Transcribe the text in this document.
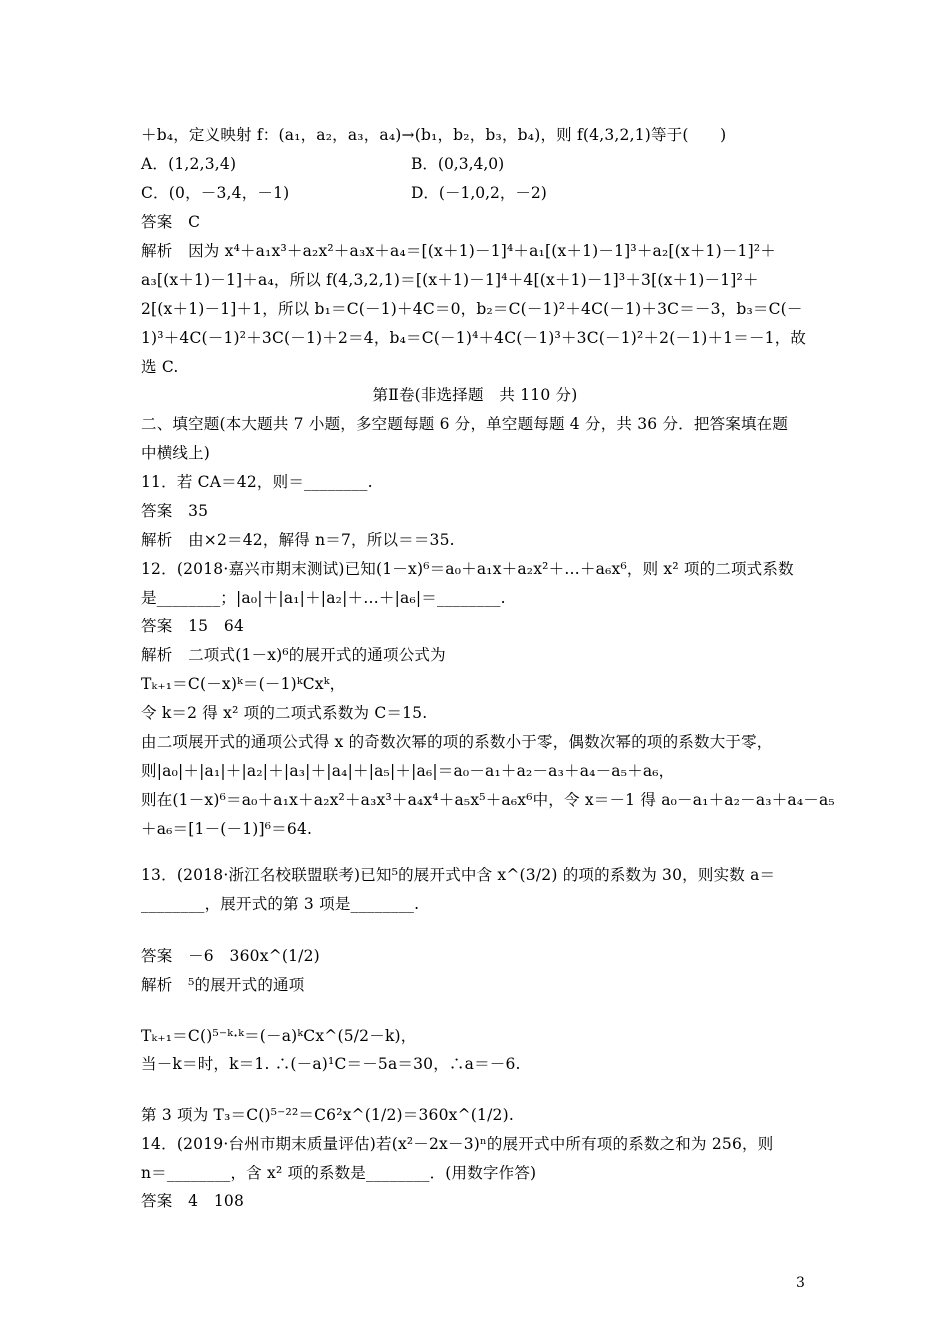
＋b₄，定义映射 f：(a₁，a₂，a₃，a₄)→(b₁，b₂，b₃，b₄)，则 f(4,3,2,1)等于(　　)
A．(1,2,3,4)	B．(0,3,4,0)
C．(0，－3,4，－1)	D．(－1,0,2，－2)
答案　C
解析　因为 x⁴＋a₁x³＋a₂x²＋a₃x＋a₄＝[(x＋1)－1]⁴＋a₁[(x＋1)－1]³＋a₂[(x＋1)－1]²＋
a₃[(x＋1)－1]＋a₄，所以 f(4,3,2,1)＝[(x＋1)－1]⁴＋4[(x＋1)－1]³＋3[(x＋1)－1]²＋
2[(x＋1)－1]＋1，所以 b₁＝C(－1)＋4C＝0，b₂＝C(－1)²＋4C(－1)＋3C＝－3，b₃＝C(－
1)³＋4C(－1)²＋3C(－1)＋2＝4，b₄＝C(－1)⁴＋4C(－1)³＋3C(－1)²＋2(－1)＋1＝－1，故
选 C.
第Ⅱ卷(非选择题　共 110 分)
二、填空题(本大题共 7 小题，多空题每题 6 分，单空题每题 4 分，共 36 分．把答案填在题
中横线上)
11．若 CA＝42，则＝________.
答案　35
解析　由×2＝42，解得 n＝7，所以＝＝35.
12．(2018·嘉兴市期末测试)已知(1－x)⁶＝a₀＋a₁x＋a₂x²＋…＋a₆x⁶，则 x² 项的二项式系数
是________；|a₀|＋|a₁|＋|a₂|＋…＋|a₆|＝________.
答案　15　64
解析　二项式(1－x)⁶的展开式的通项公式为
Tₖ₊₁＝C(－x)ᵏ＝(－1)ᵏCxᵏ，
令 k＝2 得 x² 项的二项式系数为 C＝15.
由二项展开式的通项公式得 x 的奇数次幂的项的系数小于零，偶数次幂的项的系数大于零，
则|a₀|＋|a₁|＋|a₂|＋|a₃|＋|a₄|＋|a₅|＋|a₆|＝a₀－a₁＋a₂－a₃＋a₄－a₅＋a₆，
则在(1－x)⁶＝a₀＋a₁x＋a₂x²＋a₃x³＋a₄x⁴＋a₅x⁵＋a₆x⁶中，令 x＝－1 得 a₀－a₁＋a₂－a₃＋a₄－a₅
＋a₆＝[1－(－1)]⁶＝64.
13．(2018·浙江名校联盟联考)已知⁵的展开式中含 x^(3/2) 的项的系数为 30，则实数 a＝
________，展开式的第 3 项是________.
答案　－6　360x^(1/2)
解析　⁵的展开式的通项
Tₖ₊₁＝C()⁵⁻ᵏ·ᵏ＝(－a)ᵏCx^(5/2－k)，
当－k＝时，k＝1. ∴(－a)¹C＝－5a＝30，∴a＝－6.
第 3 项为 T₃＝C()⁵⁻²²＝C6²x^(1/2)＝360x^(1/2).
14．(2019·台州市期末质量评估)若(x²－2x－3)ⁿ的展开式中所有项的系数之和为 256，则
n＝________，含 x² 项的系数是________．(用数字作答)
答案　4　108
3
